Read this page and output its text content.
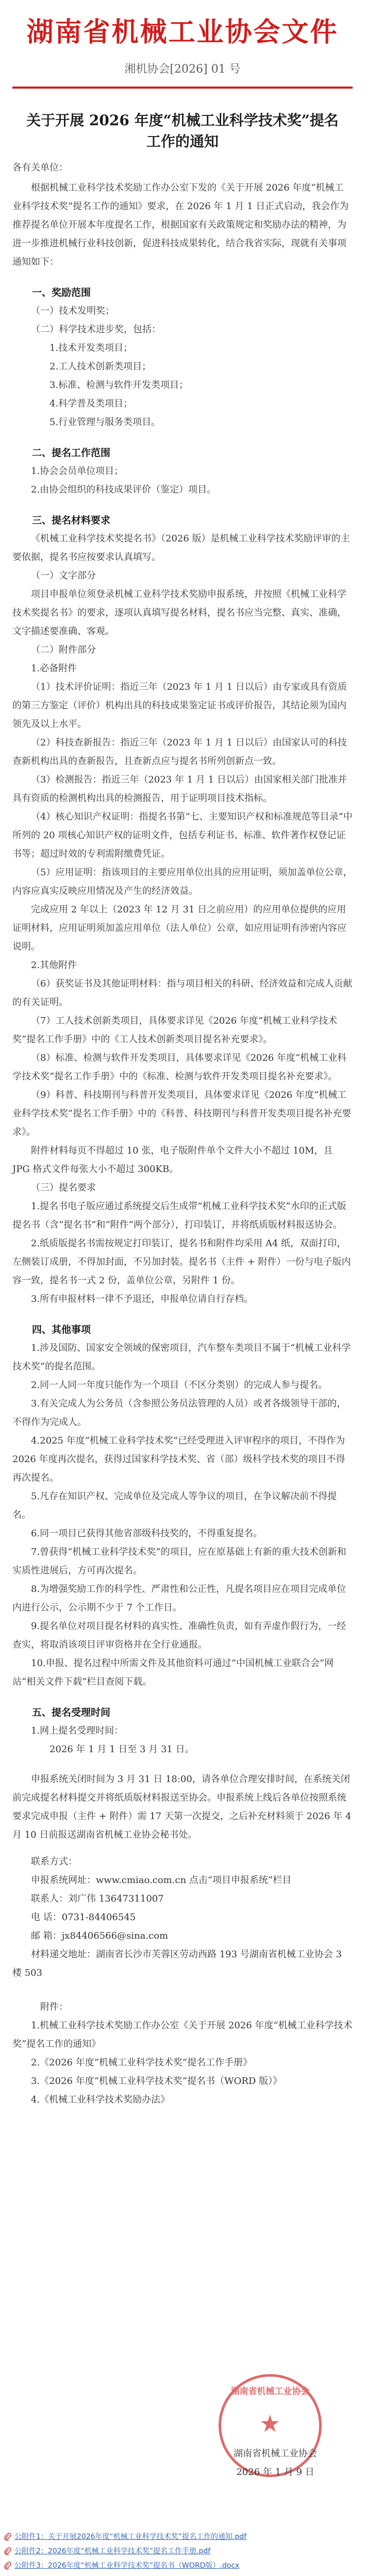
湖南省机械工业协会文件
湘机协会[2026] 01 号
关于开展 2026 年度“机械工业科学技术奖”提名
工作的通知
各有关单位：

根据机械工业科学技术奖励工作办公室下发的《关于开展 2026 年度“机械工业科学技术奖”提名工作的通知》要求，在 2026 年 1 月 1 日正式启动，我会作为推荐提名单位开展本年度提名工作，根据国家有关政策规定和奖励办法的精神，为进一步推进机械行业科技创新，促进科技成果转化，结合我省实际，现就有关事项通知如下：

一、奖励范围

（一）技术发明奖；

（二）科学技术进步奖，包括：

1.技术开发类项目；

2.工人技术创新类项目；

3.标准、检测与软件开发类项目；

4.科学普及类项目；

5.行业管理与服务类项目。

二、提名工作范围

1.协会会员单位项目；

2.由协会组织的科技成果评价（鉴定）项目。

三、提名材料要求

《机械工业科学技术奖提名书》（2026 版）是机械工业科学技术奖励评审的主要依据，提名书应按要求认真填写。

（一）文字部分

项目申报单位须登录机械工业科学技术奖励申报系统，并按照《机械工业科学技术奖提名书》的要求，逐项认真填写提名材料，提名书应当完整、真实、准确，文字描述要准确、客观。

（二）附件部分

1.必备附件

（1）技术评价证明：指近三年（2023 年 1 月 1 日以后）由专家或具有资质的第三方鉴定（评价）机构出具的科技成果鉴定证书或评价报告，其结论须为国内领先及以上水平。

（2）科技查新报告：指近三年（2023 年 1 月 1 日以后）由国家认可的科技查新机构出具的查新报告，且查新点应与提名书所列创新点一致。

（3）检测报告：指近三年（2023 年 1 月 1 日以后）由国家相关部门批准并具有资质的检测机构出具的检测报告，用于证明项目技术指标。

（4）核心知识产权证明：指提名书第“七、主要知识产权和标准规范等目录”中所列的 20 项核心知识产权的证明文件，包括专利证书、标准、软件著作权登记证书等；超过时效的专利需附缴费凭证。

（5）应用证明：指该项目的主要应用单位出具的应用证明，须加盖单位公章，内容应真实反映应用情况及产生的经济效益。

完成应用 2 年以上（2023 年 12 月 31 日之前应用）的应用单位提供的应用证明材料，应用证明须加盖应用单位（法人单位）公章，如应用证明有涉密内容应说明。

2.其他附件

（6）获奖证书及其他证明材料：指与项目相关的科研、经济效益和完成人贡献的有关证明。

（7）工人技术创新类项目，具体要求详见《2026 年度“机械工业科学技术奖”提名工作手册》中的《工人技术创新类项目提名补充要求》。

（8）标准、检测与软件开发类项目，具体要求详见《2026 年度“机械工业科学技术奖”提名工作手册》中的《标准、检测与软件开发类项目提名补充要求》。

（9）科普、科技期刊与科普开发类项目，具体要求详见《2026 年度“机械工业科学技术奖”提名工作手册》中的《科普、科技期刊与科普开发类项目提名补充要求》。

附件材料每页不得超过 10 张，电子版附件单个文件大小不超过 10M，且 JPG 格式文件每张大小不超过 300KB。

（三）提名要求

1.提名书电子版应通过系统提交后生成带“机械工业科学技术奖”水印的正式版提名书（含“提名书”和“附件”两个部分），打印装订，并将纸质版材料报送协会。

2.纸质版提名书需按规定打印装订，提名书和附件均采用 A4 纸，双面打印，左侧装订成册，不得加封面，不另加封装。提名书（主件 + 附件）一份与电子版内容一致，提名书一式 2 份，盖单位公章，另附件 1 份。

3.所有申报材料一律不予退还，申报单位请自行存档。

四、其他事项

1.涉及国防、国家安全领域的保密项目，汽车整车类项目不属于“机械工业科学技术奖”的提名范围。

2.同一人同一年度只能作为一个项目（不区分类别）的完成人参与提名。

3.有关完成人为公务员（含参照公务员法管理的人员）或者各级领导干部的，不得作为完成人。

4.2025 年度“机械工业科学技术奖”已经受理进入评审程序的项目，不得作为 2026 年度再次提名，获得过国家科学技术奖、省（部）级科学技术奖的项目不得再次提名。

5.凡存在知识产权、完成单位及完成人等争议的项目，在争议解决前不得提名。

6.同一项目已获得其他省部级科技奖的，不得重复提名。

7.曾获得“机械工业科学技术奖”的项目，应在原基础上有新的重大技术创新和实质性进展后，方可再次提名。

8.为增强奖励工作的科学性、严肃性和公正性，凡提名项目应在项目完成单位内进行公示，公示期不少于 7 个工作日。

9.提名单位对项目提名材料的真实性、准确性负责，如有弄虚作假行为，一经查实，将取消该项目评审资格并在全行业通报。

10.申报、提名过程中所需文件及其他资料可通过“中国机械工业联合会”网站“相关文件下载”栏目查阅下载。

五、提名受理时间

1.网上提名受理时间：

2026 年 1 月 1 日至 3 月 31 日。

申报系统关闭时间为 3 月 31 日 18:00，请各单位合理安排时间，在系统关闭前完成提名材料提交并将纸质版材料报送至协会。申报系统上线后各单位按照系统要求完成申报（主件 + 附件）需 17 天第一次提交，之后补充材料须于 2026 年 4 月 10 日前报送湖南省机械工业协会秘书处。

联系方式：

申报系统网址：www.cmiao.com.cn 点击“项目申报系统”栏目

联系人：刘广伟 13647311007

电 话：0731-84406545

邮 箱：jx84406566@sina.com

材料递交地址：湖南省长沙市芙蓉区劳动西路 193 号湖南省机械工业协会 3 楼 503

附件：

1.机械工业科学技术奖励工作办公室《关于开展 2026 年度“机械工业科学技术奖”提名工作的通知》

2.《2026 年度“机械工业科学技术奖”提名工作手册》

3.《2026 年度“机械工业科学技术奖”提名书（WORD 版）》

4.《机械工业科学技术奖励办法》

湖南省机械工业协会
★
湖南省机械工业协会
2026 年 1 月 9 日
公附件1：关于开展2026年度“机械工业科学技术奖”提名工作的通知.pdf
公附件2：2026年度“机械工业科学技术奖”提名工作手册.pdf
公附件3：2026年度“机械工业科学技术奖”提名书（WORD版）.docx
